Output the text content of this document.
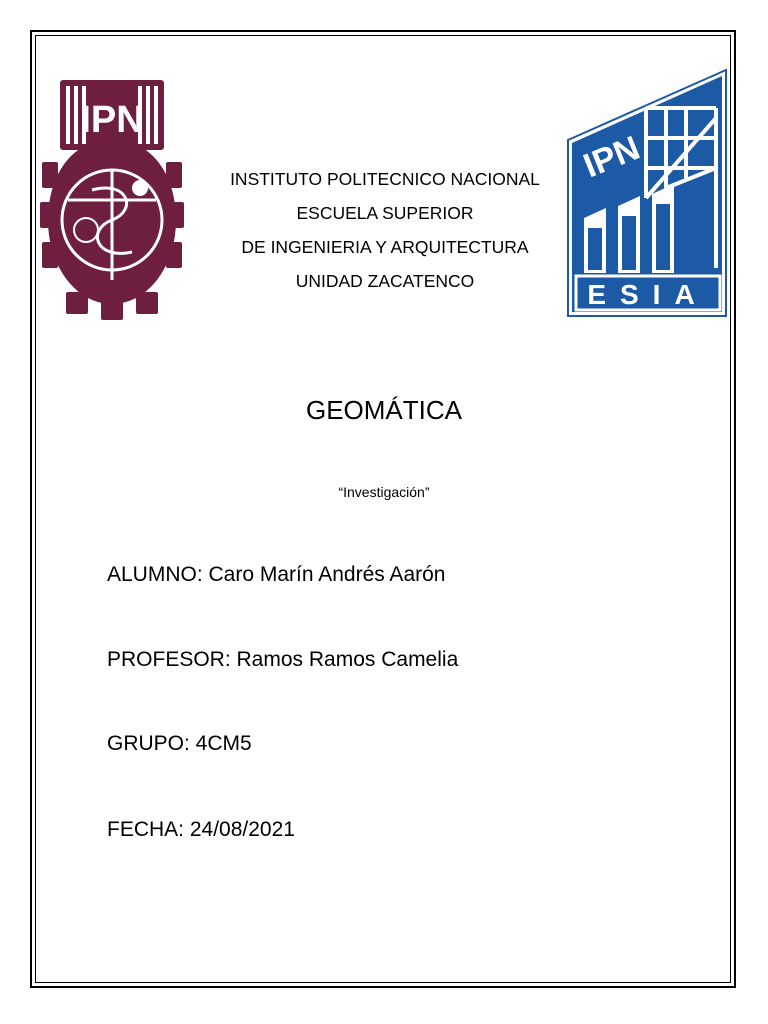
IPN
IPN
ESIA
INSTITUTO POLITECNICO NACIONAL
ESCUELA SUPERIOR
DE INGENIERIA Y ARQUITECTURA
UNIDAD ZACATENCO
GEOMÁTICA
“Investigación”
ALUMNO: Caro Marín Andrés Aarón
PROFESOR: Ramos Ramos Camelia
GRUPO: 4CM5
FECHA: 24/08/2021
